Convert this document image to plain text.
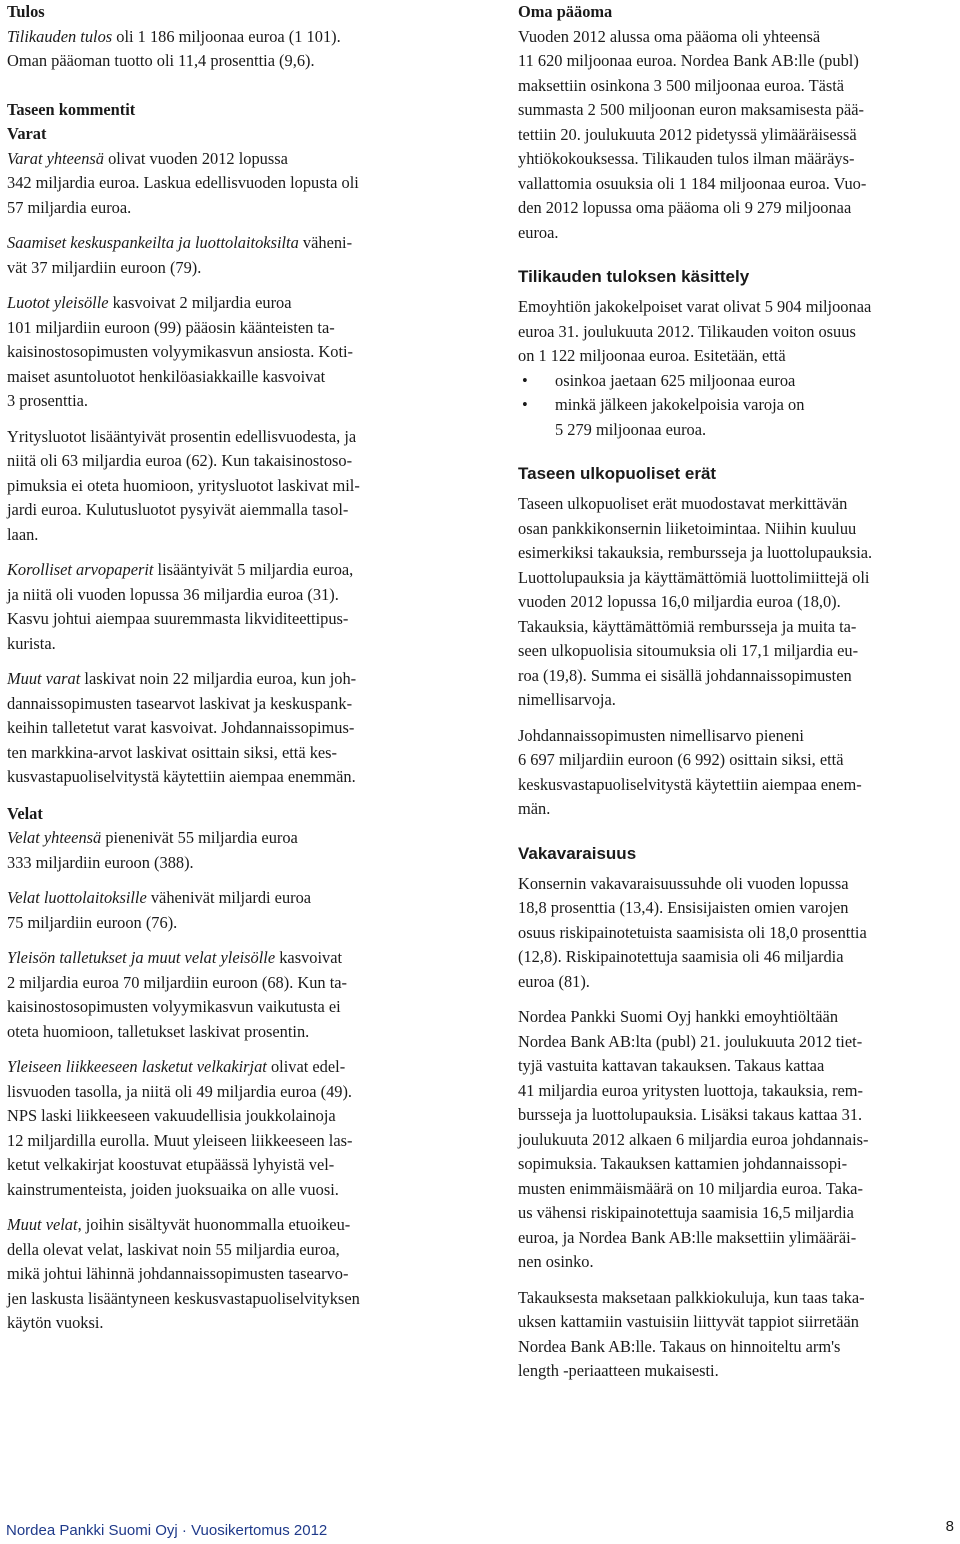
Tulos
Tilikauden tulos oli 1 186 miljoonaa euroa (1 101).
Oman pääoman tuotto oli 11,4 prosenttia (9,6).
Taseen kommentit
Varat
Varat yhteensä olivat vuoden 2012 lopussa
342 miljardia euroa. Laskua edellisvuoden lopusta oli
57 miljardia euroa.
Saamiset keskuspankeilta ja luottolaitoksilta väheni-
vät 37 miljardiin euroon (79).
Luotot yleisölle kasvoivat 2 miljardia euroa
101 miljardiin euroon (99) pääosin käänteisten ta-
kaisinostosopimusten volyymikasvun ansiosta. Koti-
maiset asuntoluotot henkilöasiakkaille kasvoivat
3 prosenttia.
Yritysluotot lisääntyivät prosentin edellisvuodesta, ja
niitä oli 63 miljardia euroa (62). Kun takaisinostoso-
pimuksia ei oteta huomioon, yritysluotot laskivat mil-
jardi euroa. Kulutusluotot pysyivät aiemmalla tasol-
laan.
Korolliset arvopaperit lisääntyivät 5 miljardia euroa,
ja niitä oli vuoden lopussa 36 miljardia euroa (31).
Kasvu johtui aiempaa suuremmasta likviditeettipus-
kurista.
Muut varat laskivat noin 22 miljardia euroa, kun joh-
dannaissopimusten tasearvot laskivat ja keskuspank-
keihin talletetut varat kasvoivat. Johdannaissopimus-
ten markkina-arvot laskivat osittain siksi, että kes-
kusvastapuoliselvitystä käytettiin aiempaa enemmän.
Velat
Velat yhteensä pienenivät 55 miljardia euroa
333 miljardiin euroon (388).
Velat luottolaitoksille vähenivät miljardi euroa
75 miljardiin euroon (76).
Yleisön talletukset ja muut velat yleisölle kasvoivat
2 miljardia euroa 70 miljardiin euroon (68). Kun ta-
kaisinostosopimusten volyymikasvun vaikutusta ei
oteta huomioon, talletukset laskivat prosentin.
Yleiseen liikkeeseen lasketut velkakirjat olivat edel-
lisvuoden tasolla, ja niitä oli 49 miljardia euroa (49).
NPS laski liikkeeseen vakuudellisia joukkolainoja
12 miljardilla eurolla. Muut yleiseen liikkeeseen las-
ketut velkakirjat koostuvat etupäässä lyhyistä vel-
kainstrumenteista, joiden juoksuaika on alle vuosi.
Muut velat, joihin sisältyvät huonommalla etuoikeu-
della olevat velat, laskivat noin 55 miljardia euroa,
mikä johtui lähinnä johdannaissopimusten tasearvo-
jen laskusta lisääntyneen keskusvastapuoliselvityksen
käytön vuoksi.
Oma pääoma
Vuoden 2012 alussa oma pääoma oli yhteensä
11 620 miljoonaa euroa. Nordea Bank AB:lle (publ)
maksettiin osinkona 3 500 miljoonaa euroa. Tästä
summasta 2 500 miljoonan euron maksamisesta pää-
tettiin 20. joulukuuta 2012 pidetyssä ylimääräisessä
yhtiökokouksessa. Tilikauden tulos ilman määräys-
vallattomia osuuksia oli 1 184 miljoonaa euroa. Vuo-
den 2012 lopussa oma pääoma oli 9 279 miljoonaa
euroa.
Tilikauden tuloksen käsittely
Emoyhtiön jakokelpoiset varat olivat 5 904 miljoonaa
euroa 31. joulukuuta 2012. Tilikauden voiton osuus
on 1 122 miljoonaa euroa. Esitetään, että
•osinkoa jaetaan 625 miljoonaa euroa
•minkä jälkeen jakokelpoisia varoja on
5 279 miljoonaa euroa.
Taseen ulkopuoliset erät
Taseen ulkopuoliset erät muodostavat merkittävän
osan pankkikonsernin liiketoimintaa. Niihin kuuluu
esimerkiksi takauksia, rembursseja ja luottolupauksia.
Luottolupauksia ja käyttämättömiä luottolimiittejä oli
vuoden 2012 lopussa 16,0 miljardia euroa (18,0).
Takauksia, käyttämättömiä rembursseja ja muita ta-
seen ulkopuolisia sitoumuksia oli 17,1 miljardia eu-
roa (19,8). Summa ei sisällä johdannaissopimusten
nimellisarvoja.
Johdannaissopimusten nimellisarvo pieneni
6 697 miljardiin euroon (6 992) osittain siksi, että
keskusvastapuoliselvitystä käytettiin aiempaa enem-
män.
Vakavaraisuus
Konsernin vakavaraisuussuhde oli vuoden lopussa
18,8 prosenttia (13,4). Ensisijaisten omien varojen
osuus riskipainotetuista saamisista oli 18,0 prosenttia
(12,8). Riskipainotettuja saamisia oli 46 miljardia
euroa (81).
Nordea Pankki Suomi Oyj hankki emoyhtiöltään
Nordea Bank AB:lta (publ) 21. joulukuuta 2012 tiet-
tyjä vastuita kattavan takauksen. Takaus kattaa
41 miljardia euroa yritysten luottoja, takauksia, rem-
bursseja ja luottolupauksia. Lisäksi takaus kattaa 31.
joulukuuta 2012 alkaen 6 miljardia euroa johdannais-
sopimuksia. Takauksen kattamien johdannaissopi-
musten enimmäismäärä on 10 miljardia euroa. Taka-
us vähensi riskipainotettuja saamisia 16,5 miljardia
euroa, ja Nordea Bank AB:lle maksettiin ylimääräi-
nen osinko.
Takauksesta maksetaan palkkiokuluja, kun taas taka-
uksen kattamiin vastuisiin liittyvät tappiot siirretään
Nordea Bank AB:lle. Takaus on hinnoiteltu arm's
length -periaatteen mukaisesti.
Nordea Pankki Suomi Oyj · Vuosikertomus 2012	8
